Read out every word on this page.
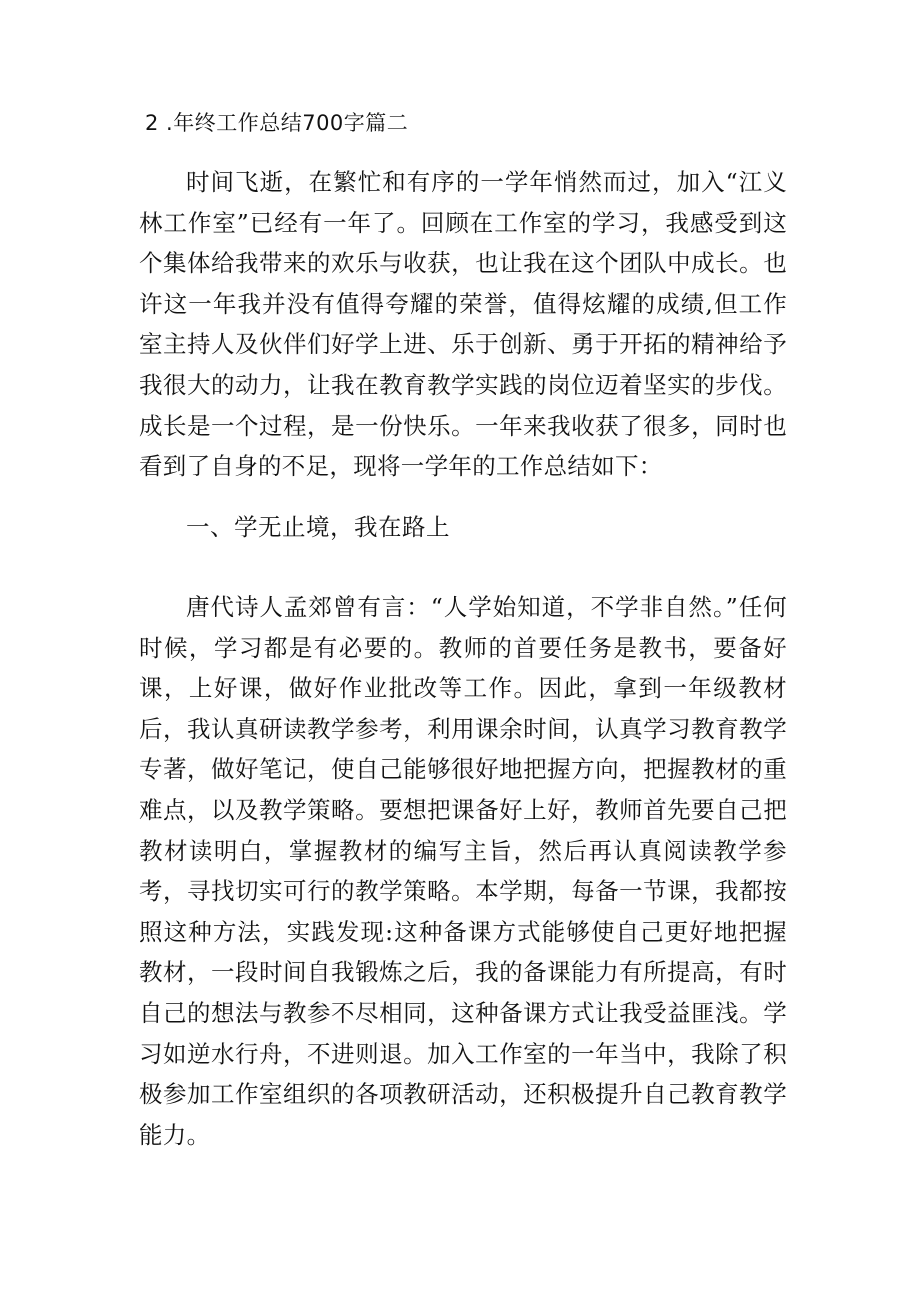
2 .年终工作总结700字篇二

时间飞逝，在繁忙和有序的一学年悄然而过，加入“江义林工作室”已经有一年了。回顾在工作室的学习，我感受到这个集体给我带来的欢乐与收获，也让我在这个团队中成长。也许这一年我并没有值得夸耀的荣誉，值得炫耀的成绩,但工作室主持人及伙伴们好学上进、乐于创新、勇于开拓的精神给予我很大的动力，让我在教育教学实践的岗位迈着坚实的步伐。成长是一个过程，是一份快乐。一年来我收获了很多，同时也看到了自身的不足，现将一学年的工作总结如下：

一、学无止境，我在路上

唐代诗人孟郊曾有言：“人学始知道，不学非自然。”任何时候，学习都是有必要的。教师的首要任务是教书，要备好课，上好课，做好作业批改等工作。因此，拿到一年级教材后，我认真研读教学参考，利用课余时间，认真学习教育教学专著，做好笔记，使自己能够很好地把握方向，把握教材的重难点，以及教学策略。要想把课备好上好，教师首先要自己把教材读明白，掌握教材的编写主旨，然后再认真阅读教学参考，寻找切实可行的教学策略。本学期，每备一节课，我都按照这种方法，实践发现:这种备课方式能够使自己更好地把握教材，一段时间自我锻炼之后，我的备课能力有所提高，有时自己的想法与教参不尽相同，这种备课方式让我受益匪浅。学习如逆水行舟，不进则退。加入工作室的一年当中，我除了积极参加工作室组织的各项教研活动，还积极提升自己教育教学能力。
